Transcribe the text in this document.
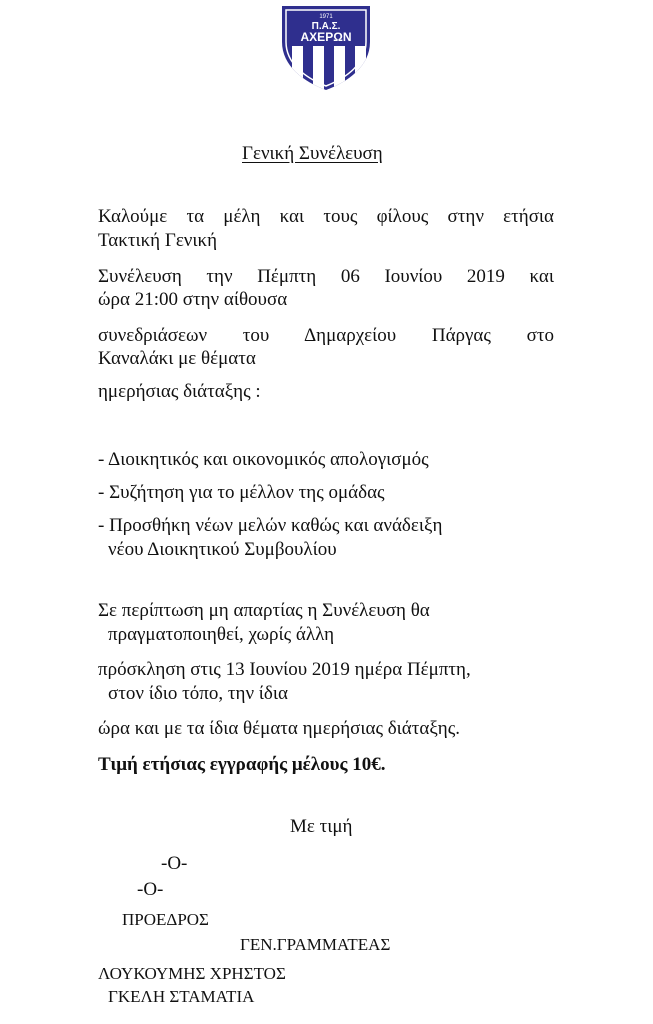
1971
Π.Α.Σ.
ΑΧΕΡΩΝ
Γενική Συνέλευση
Καλούμε τα μέλη και τους φίλους στην ετήσια
Τακτική Γενική
Συνέλευση την Πέμπτη 06 Ιουνίου 2019 και
ώρα 21:00 στην αίθουσα
συνεδριάσεων του Δημαρχείου Πάργας στο
Καναλάκι με θέματα
ημερήσιας διάταξης :
- Διοικητικός και οικονομικός απολογισμός
- Συζήτηση για το μέλλον της ομάδας
- Προσθήκη νέων μελών καθώς και ανάδειξη
νέου Διοικητικού Συμβουλίου
Σε περίπτωση μη απαρτίας η Συνέλευση θα
πραγματοποιηθεί, χωρίς άλλη
πρόσκληση στις 13 Ιουνίου 2019 ημέρα Πέμπτη,
στον ίδιο τόπο, την ίδια
ώρα και με τα ίδια θέματα ημερήσιας διάταξης.
Τιμή ετήσιας εγγραφής μέλους 10€.
Με τιμή
-Ο-
-Ο-
ΠΡΟΕΔΡΟΣ
ΓΕΝ.ΓΡΑΜΜΑΤΕΑΣ
ΛΟΥΚΟΥΜΗΣ ΧΡΗΣΤΟΣ
ΓΚΕΛΗ ΣΤΑΜΑΤΙΑ
